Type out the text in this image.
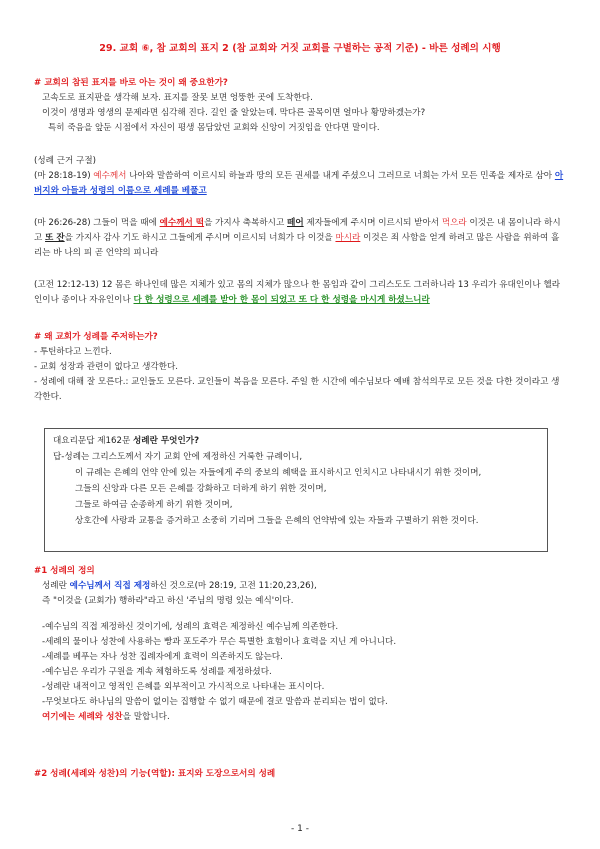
29. 교회 ⑥, 참 교회의 표지 2 (참 교회와 거짓 교회를 구별하는 공적 기준) - 바른 성례의 시행

# 교회의 참된 표지를 바로 아는 것이 왜 중요한가?

고속도로 표지판을 생각해 보자. 표지를 잘못 보면 엉뚱한 곳에 도착한다.

이것이 생명과 영생의 문제라면 심각해 진다. 길인 줄 알았는데. 막다른 골목이면 얼마나 황망하겠는가?

특히 죽음을 앞둔 시점에서 자신이 평생 몸담았던 교회와 신앙이 거짓임을 안다면 말이다.

(성례 근거 구절)

(마 28:18-19) 예수께서 나아와 말씀하여 이르시되 하늘과 땅의 모든 권세를 내게 주셨으니 그러므로 너희는 가서 모든 민족을 제자로 삼아 아버지와 아들과 성령의 이름으로 세례를 베풀고

(마 26:26-28) 그들이 먹을 때에 예수께서 떡을 가지사 축복하시고 떼어 제자들에게 주시며 이르시되 받아서 먹으라 이것은 내 몸이니라 하시고 또 잔을 가지사 감사 기도 하시고 그들에게 주시며 이르시되 너희가 다 이것을 마시라 이것은 죄 사함을 얻게 하려고 많은 사람을 위하여 흘리는 바 나의 피 곧 언약의 피니라

(고전 12:12-13) 12 몸은 하나인데 많은 지체가 있고 몸의 지체가 많으나 한 몸임과 같이 그리스도도 그러하니라 13 우리가 유대인이나 헬라인이나 종이나 자유인이나 다 한 성령으로 세례를 받아 한 몸이 되었고 또 다 한 성령을 마시게 하셨느니라

# 왜 교회가 성례를 주저하는가?

- 투틴하다고 느낀다.

- 교회 성장과 관련이 없다고 생각한다.

- 성례에 대해 잘 모른다.: 교인들도 모른다. 교인들이 복음을 모른다. 주일 한 시간에 예수님보다 예배 참석의무로 모든 것을 다한 것이라고 생각한다.

대요리문답 제162문 성례란 무엇인가?

답-성례는 그리스도께서 자기 교회 안에 제정하신 거룩한 규례이니,

이 규례는 은혜의 언약 안에 있는 자들에게 주의 중보의 혜택을 표시하시고 인치시고 나타내시기 위한 것이며,

그들의 신앙과 다른 모든 은혜를 강화하고 더하게 하기 위한 것이며,

그들로 하여금 순종하게 하기 위한 것이며,

상호간에 사랑과 교통을 증거하고 소중히 기리며 그들을 은혜의 언약밖에 있는 자들과 구별하기 위한 것이다.

#1 성례의 정의

성례란 예수님께서 직접 제정하신 것으로(마 28:19, 고전 11:20,23,26),

즉 "이것을 (교회가) 행하라"라고 하신 '주님의 명령 있는 예식'이다.

-예수님의 직접 제정하신 것이기에, 성례의 효력은 제정하신 예수님께 의존한다.

-세례의 물이나 성찬에 사용하는 빵과 포도주가 무슨 특별한 효험이나 효력을 지닌 게 아니니다.

-세례를 베푸는 자나 성찬 집례자에게 효력이 의존하지도 않는다.

-예수님은 우리가 구원을 계속 체험하도록 성례를 제정하셨다.

-성례란 내적이고 영적인 은혜를 외부적이고 가시적으로 나타내는 표시이다.

-무엇보다도 하나님의 말씀이 없이는 집행할 수 없기 때문에 결코 말씀과 분리되는 법이 없다.

여기에는 세례와 성찬을 말합니다.

#2 성례(세례와 성찬)의 기능(역할): 표지와 도장으로서의 성례

- 1 -
